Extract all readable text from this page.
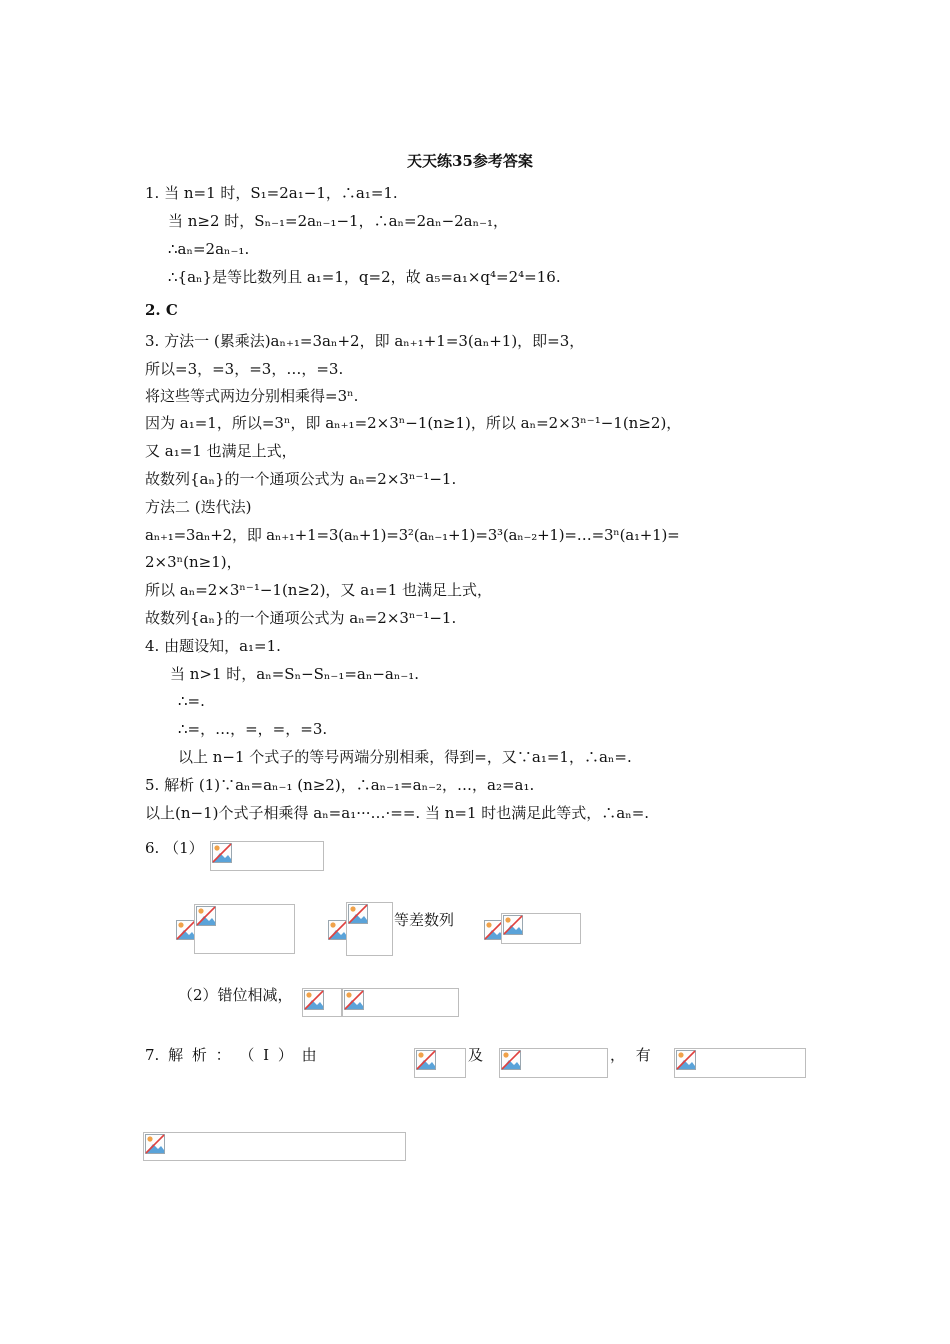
天天练35参考答案
1. 当 n=1 时，S₁=2a₁−1，∴a₁=1.
当 n≥2 时，Sₙ₋₁=2aₙ₋₁−1，∴aₙ=2aₙ−2aₙ₋₁，
∴aₙ=2aₙ₋₁.
∴{aₙ}是等比数列且 a₁=1，q=2，故 a₅=a₁×q⁴=2⁴=16.
2. C
3. 方法一 (累乘法)aₙ₊₁=3aₙ+2，即 aₙ₊₁+1=3(aₙ+1)，即=3，
所以=3，=3，=3，…，=3.
将这些等式两边分别相乘得=3ⁿ.
因为 a₁=1，所以=3ⁿ，即 aₙ₊₁=2×3ⁿ−1(n≥1)，所以 aₙ=2×3ⁿ⁻¹−1(n≥2)，
又 a₁=1 也满足上式，
故数列{aₙ}的一个通项公式为 aₙ=2×3ⁿ⁻¹−1.
方法二 (迭代法)
aₙ₊₁=3aₙ+2，即 aₙ₊₁+1=3(aₙ+1)=3²(aₙ₋₁+1)=3³(aₙ₋₂+1)=…=3ⁿ(a₁+1)=
2×3ⁿ(n≥1)，
所以 aₙ=2×3ⁿ⁻¹−1(n≥2)，又 a₁=1 也满足上式，
故数列{aₙ}的一个通项公式为 aₙ=2×3ⁿ⁻¹−1.
4. 由题设知，a₁=1.
当 n>1 时，aₙ=Sₙ−Sₙ₋₁=aₙ−aₙ₋₁.
∴=.
∴=，…，=，=，=3.
以上 n−1 个式子的等号两端分别相乘，得到=，又∵a₁=1，∴aₙ=.
5. 解析 (1)∵aₙ=aₙ₋₁ (n≥2)，∴aₙ₋₁=aₙ₋₂，…，a₂=a₁.
以上(n−1)个式子相乘得 aₙ=a₁···…·==. 当 n=1 时也满足此等式，∴aₙ=.
6. （1）
等差数列
（2）错位相减，
7. 解 析 ： （ Ⅰ ） 由	及	， 有
